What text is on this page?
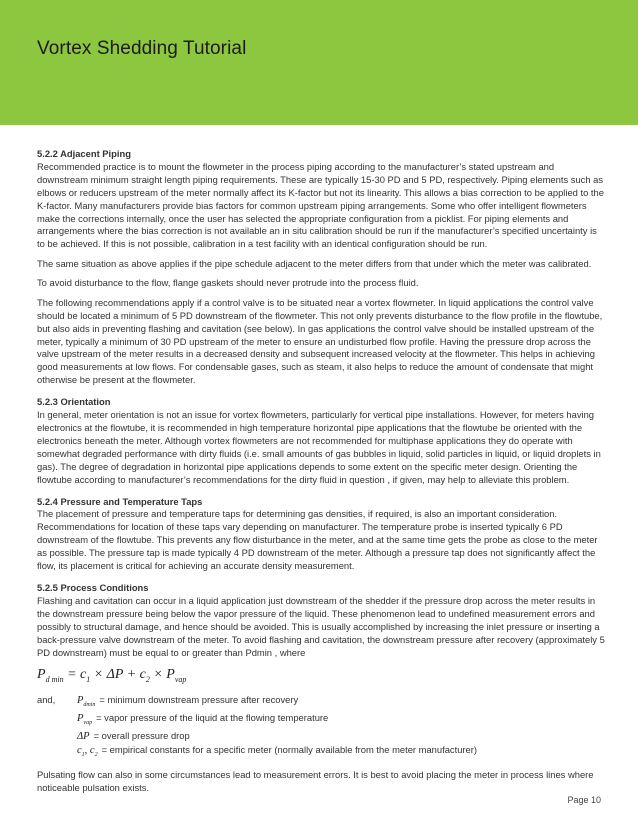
Vortex Shedding Tutorial
5.2.2 Adjacent Piping

Recommended practice is to mount the flowmeter in the process piping according to the manufacturer’s stated upstream and downstream minimum straight length piping requirements. These are typically 15-30 PD and 5 PD, respectively. Piping elements such as elbows or reducers upstream of the meter normally affect its K-factor but not its linearity. This allows a bias correction to be applied to the K-factor. Many manufacturers provide bias factors for common upstream piping arrangements. Some who offer intelligent flowmeters make the corrections internally, once the user has selected the appropriate configuration from a picklist. For piping elements and arrangements where the bias correction is not available an in situ calibration should be run if the manufacturer’s specified uncertainty is to be achieved. If this is not possible, calibration in a test facility with an identical configuration should be run.

The same situation as above applies if the pipe schedule adjacent to the meter differs from that under which the meter was calibrated.

To avoid disturbance to the flow, flange gaskets should never protrude into the process fluid.

The following recommendations apply if a control valve is to be situated near a vortex flowmeter. In liquid applications the control valve should be located a minimum of 5 PD downstream of the flowmeter. This not only prevents disturbance to the flow profile in the flowtube, but also aids in preventing flashing and cavitation (see below). In gas applications the control valve should be installed upstream of the meter, typically a minimum of 30 PD upstream of the meter to ensure an undisturbed flow profile. Having the pressure drop across the valve upstream of the meter results in a decreased density and subsequent increased velocity at the flowmeter. This helps in achieving good measurements at low flows. For condensable gases, such as steam, it also helps to reduce the amount of condensate that might otherwise be present at the flowmeter.

5.2.3 Orientation

In general, meter orientation is not an issue for vortex flowmeters, particularly for vertical pipe installations. However, for meters having electronics at the flowtube, it is recommended in high temperature horizontal pipe applications that the flowtube be oriented with the electronics beneath the meter. Although vortex flowmeters are not recommended for multiphase applications they do operate with somewhat degraded performance with dirty fluids (i.e. small amounts of gas bubbles in liquid, solid particles in liquid, or liquid droplets in gas). The degree of degradation in horizontal pipe applications depends to some extent on the specific meter design. Orienting the flowtube according to manufacturer’s recommendations for the dirty fluid in question , if given, may help to alleviate this problem.

5.2.4 Pressure and Temperature Taps

The placement of pressure and temperature taps for determining gas densities, if required, is also an important consideration. Recommendations for location of these taps vary depending on manufacturer. The temperature probe is inserted typically 6 PD downstream of the flowtube. This prevents any flow disturbance in the meter, and at the same time gets the probe as close to the meter as possible. The pressure tap is made typically 4 PD downstream of the meter. Although a pressure tap does not significantly affect the flow, its placement is critical for achieving an accurate density measurement.

5.2.5 Process Conditions

Flashing and cavitation can occur in a liquid application just downstream of the shedder if the pressure drop across the meter results in the downstream pressure being below the vapor pressure of the liquid. These phenomenon lead to undefined measurement errors and possibly to structural damage, and hence should be avoided. This is usually accomplished by increasing the inlet pressure or inserting a back-pressure valve downstream of the meter. To avoid flashing and cavitation, the downstream pressure after recovery (approximately 5 PD downstream) must be equal to or greater than Pdmin , where

$P_{d min} = c_1 \times \Delta P + c_2 \times P_{vap}$
and,	$P_{dmin}$
= minimum downstream pressure after recovery
$P_{vap}$
= vapor pressure of the liquid at the flowing temperature
ΔP = overall pressure drop
$c_1$, $c_2$
= empirical constants for a specific meter (normally available from the meter manufacturer)

Pulsating flow can also in some circumstances lead to measurement errors. It is best to avoid placing the meter in process lines where noticeable pulsation exists.

Page 10
